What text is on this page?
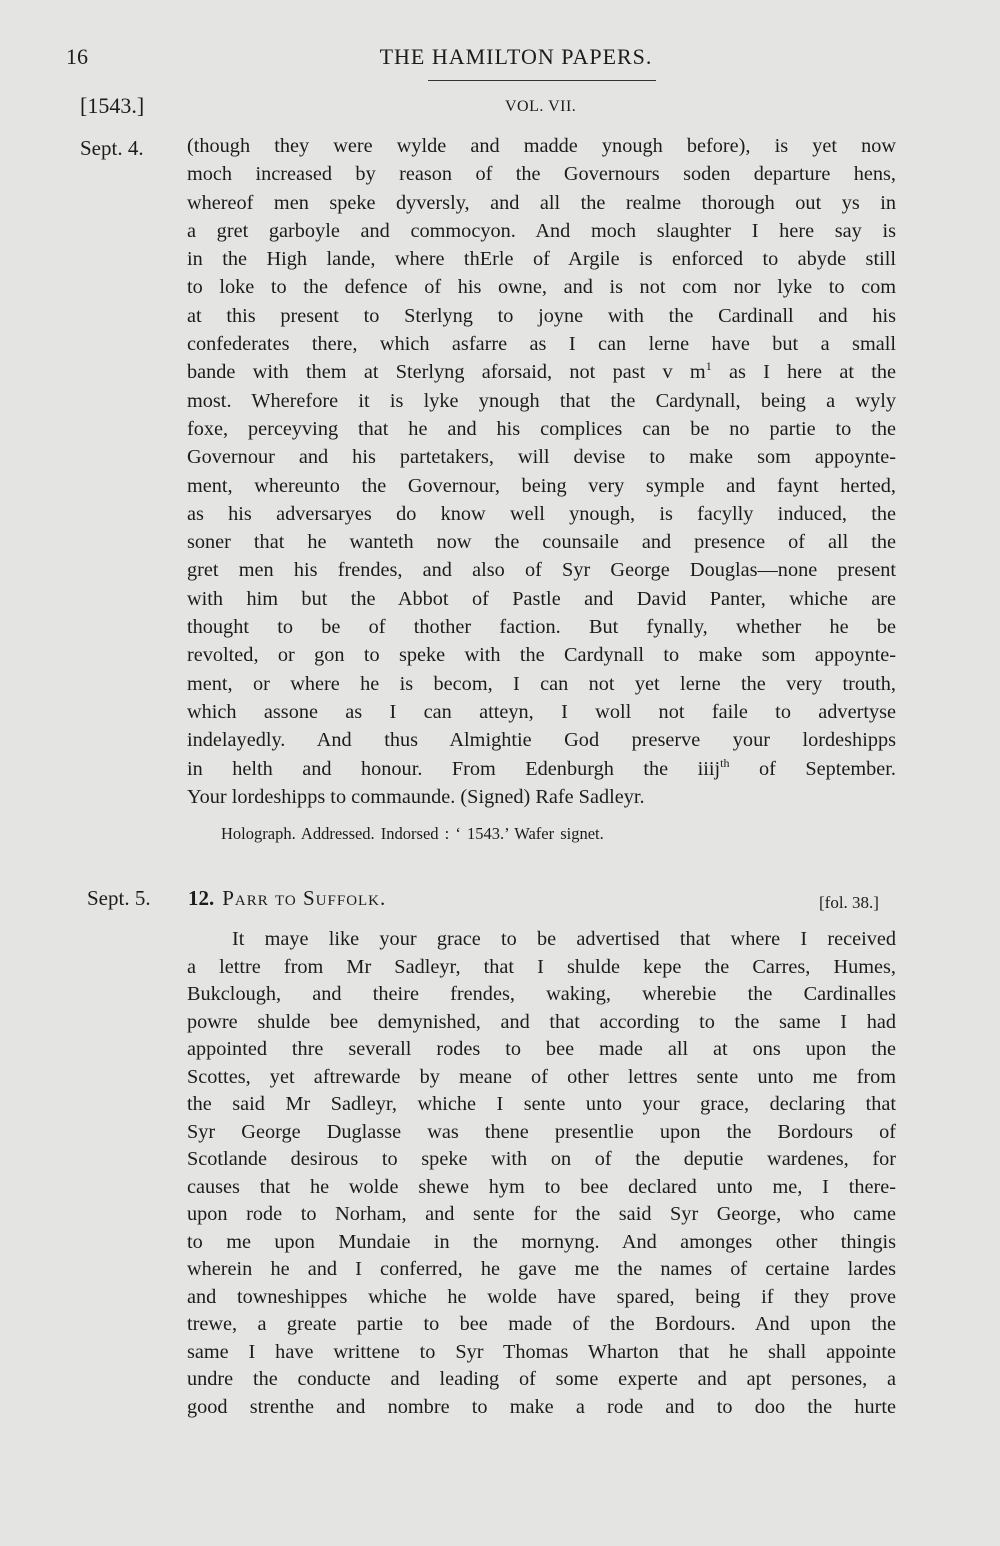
16	THE HAMILTON PAPERS.
[1543.]	VOL. VII.
Sept. 4. (though they were wylde and madde ynough before), is yet now
moch increased by reason of the Governours soden departure hens,
whereof men speke dyversly, and all the realme thorough out ys in
a gret garboyle and commocyon. And moch slaughter I here say is
in the High lande, where thErle of Argile is enforced to abyde still
to loke to the defence of his owne, and is not com nor lyke to com
at this present to Sterlyng to joyne with the Cardinall and his
confederates there, which asfarre as I can lerne have but a small
bande with them at Sterlyng aforsaid, not past v $m^1$ as I here at the
most. Wherefore it is lyke ynough that the Cardynall, being a wyly
foxe, perceyving that he and his complices can be no partie to the
Governour and his partetakers, will devise to make som appoynte-
ment, whereunto the Governour, being very symple and faynt herted,
as his adversaryes do know well ynough, is facylly induced, the
soner that he wanteth now the counsaile and presence of all the
gret men his frendes, and also of Syr George Douglas—none present
with him but the Abbot of Pastle and David Panter, whiche are
thought to be of thother faction. But fynally, whether he be
revolted, or gon to speke with the Cardynall to make som appoynte-
ment, or where he is becom, I can not yet lerne the very trouth,
which assone as I can atteyn, I woll not faile to advertyse
indelayedly. And thus Almightie God preserve your lordeshipps
in helth and honour. From Edenburgh the iiij$^{th}$ of September.
Your lordeshipps to commaunde. (Signed) Rafe Sadleyr.
Holograph. Addressed. Indorsed : ‘ 1543.’ Wafer signet.
Sept. 5. 12. Parr to Suffolk.	[fol. 38.]
It maye like your grace to be advertised that where I received
a lettre from Mr Sadleyr, that I shulde kepe the Carres, Humes,
Bukclough, and theire frendes, waking, wherebie the Cardinalles
powre shulde bee demynished, and that according to the same I had
appointed thre severall rodes to bee made all at ons upon the
Scottes, yet aftrewarde by meane of other lettres sente unto me from
the said Mr Sadleyr, whiche I sente unto your grace, declaring that
Syr George Duglasse was thene presentlie upon the Bordours of
Scotlande desirous to speke with on of the deputie wardenes, for
causes that he wolde shewe hym to bee declared unto me, I there-
upon rode to Norham, and sente for the said Syr George, who came
to me upon Mundaie in the mornyng. And amonges other thingis
wherein he and I conferred, he gave me the names of certaine lardes
and towneshippes whiche he wolde have spared, being if they prove
trewe, a greate partie to bee made of the Bordours. And upon the
same I have writtene to Syr Thomas Wharton that he shall appointe
undre the conducte and leading of some experte and apt persones, a
good strenthe and nombre to make a rode and to doo the hurte
